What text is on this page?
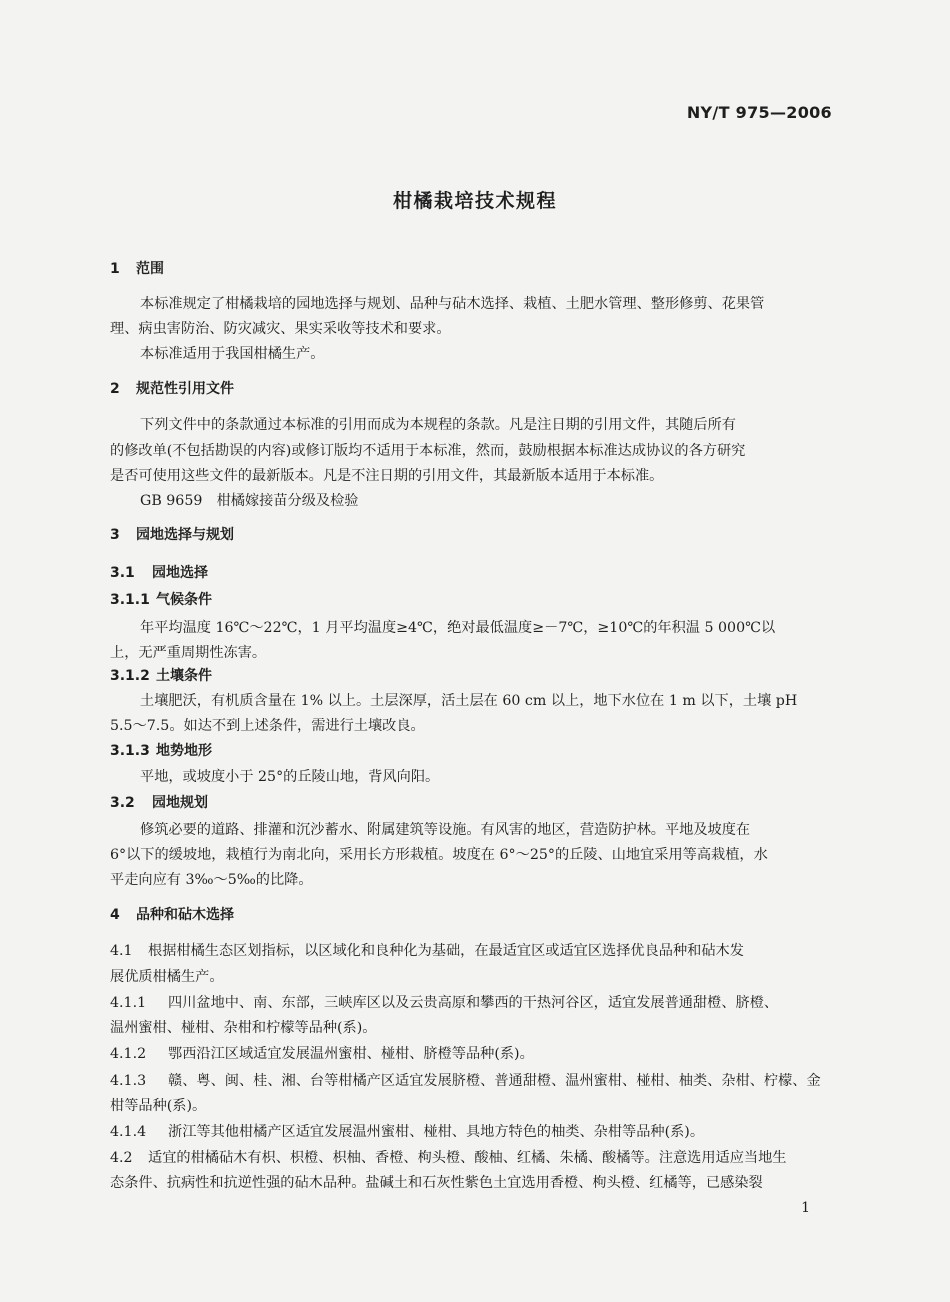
NY/T 975—2006
柑橘栽培技术规程
1 范围
本标准规定了柑橘栽培的园地选择与规划、品种与砧木选择、栽植、土肥水管理、整形修剪、花果管
理、病虫害防治、防灾减灾、果实采收等技术和要求。
本标准适用于我国柑橘生产。
2 规范性引用文件
下列文件中的条款通过本标准的引用而成为本规程的条款。凡是注日期的引用文件，其随后所有
的修改单(不包括勘误的内容)或修订版均不适用于本标准，然而，鼓励根据本标准达成协议的各方研究
是否可使用这些文件的最新版本。凡是不注日期的引用文件，其最新版本适用于本标准。
GB 9659　柑橘嫁接苗分级及检验
3 园地选择与规划
3.1 园地选择
3.1.1 气候条件
年平均温度 16℃～22℃，1 月平均温度≥4℃，绝对最低温度≥－7℃，≥10℃的年积温 5 000℃以
上，无严重周期性冻害。
3.1.2 土壤条件
土壤肥沃，有机质含量在 1% 以上。土层深厚，活土层在 60 cm 以上，地下水位在 1 m 以下，土壤 pH
5.5～7.5。如达不到上述条件，需进行土壤改良。
3.1.3 地势地形
平地，或坡度小于 25°的丘陵山地，背风向阳。
3.2 园地规划
修筑必要的道路、排灌和沉沙蓄水、附属建筑等设施。有风害的地区，营造防护林。平地及坡度在
6°以下的缓坡地，栽植行为南北向，采用长方形栽植。坡度在 6°～25°的丘陵、山地宜采用等高栽植，水
平走向应有 3‰～5‰的比降。
4 品种和砧木选择
4.1 根据柑橘生态区划指标，以区域化和良种化为基础，在最适宜区或适宜区选择优良品种和砧木发
展优质柑橘生产。
4.1.1 四川盆地中、南、东部，三峡库区以及云贵高原和攀西的干热河谷区，适宜发展普通甜橙、脐橙、
温州蜜柑、椪柑、杂柑和柠檬等品种(系)。
4.1.2 鄂西沿江区域适宜发展温州蜜柑、椪柑、脐橙等品种(系)。
4.1.3 赣、粤、闽、桂、湘、台等柑橘产区适宜发展脐橙、普通甜橙、温州蜜柑、椪柑、柚类、杂柑、柠檬、金
柑等品种(系)。
4.1.4 浙江等其他柑橘产区适宜发展温州蜜柑、椪柑、具地方特色的柚类、杂柑等品种(系)。
4.2 适宜的柑橘砧木有枳、枳橙、枳柚、香橙、枸头橙、酸柚、红橘、朱橘、酸橘等。注意选用适应当地生
态条件、抗病性和抗逆性强的砧木品种。盐碱土和石灰性紫色土宜选用香橙、枸头橙、红橘等，已感染裂
1
